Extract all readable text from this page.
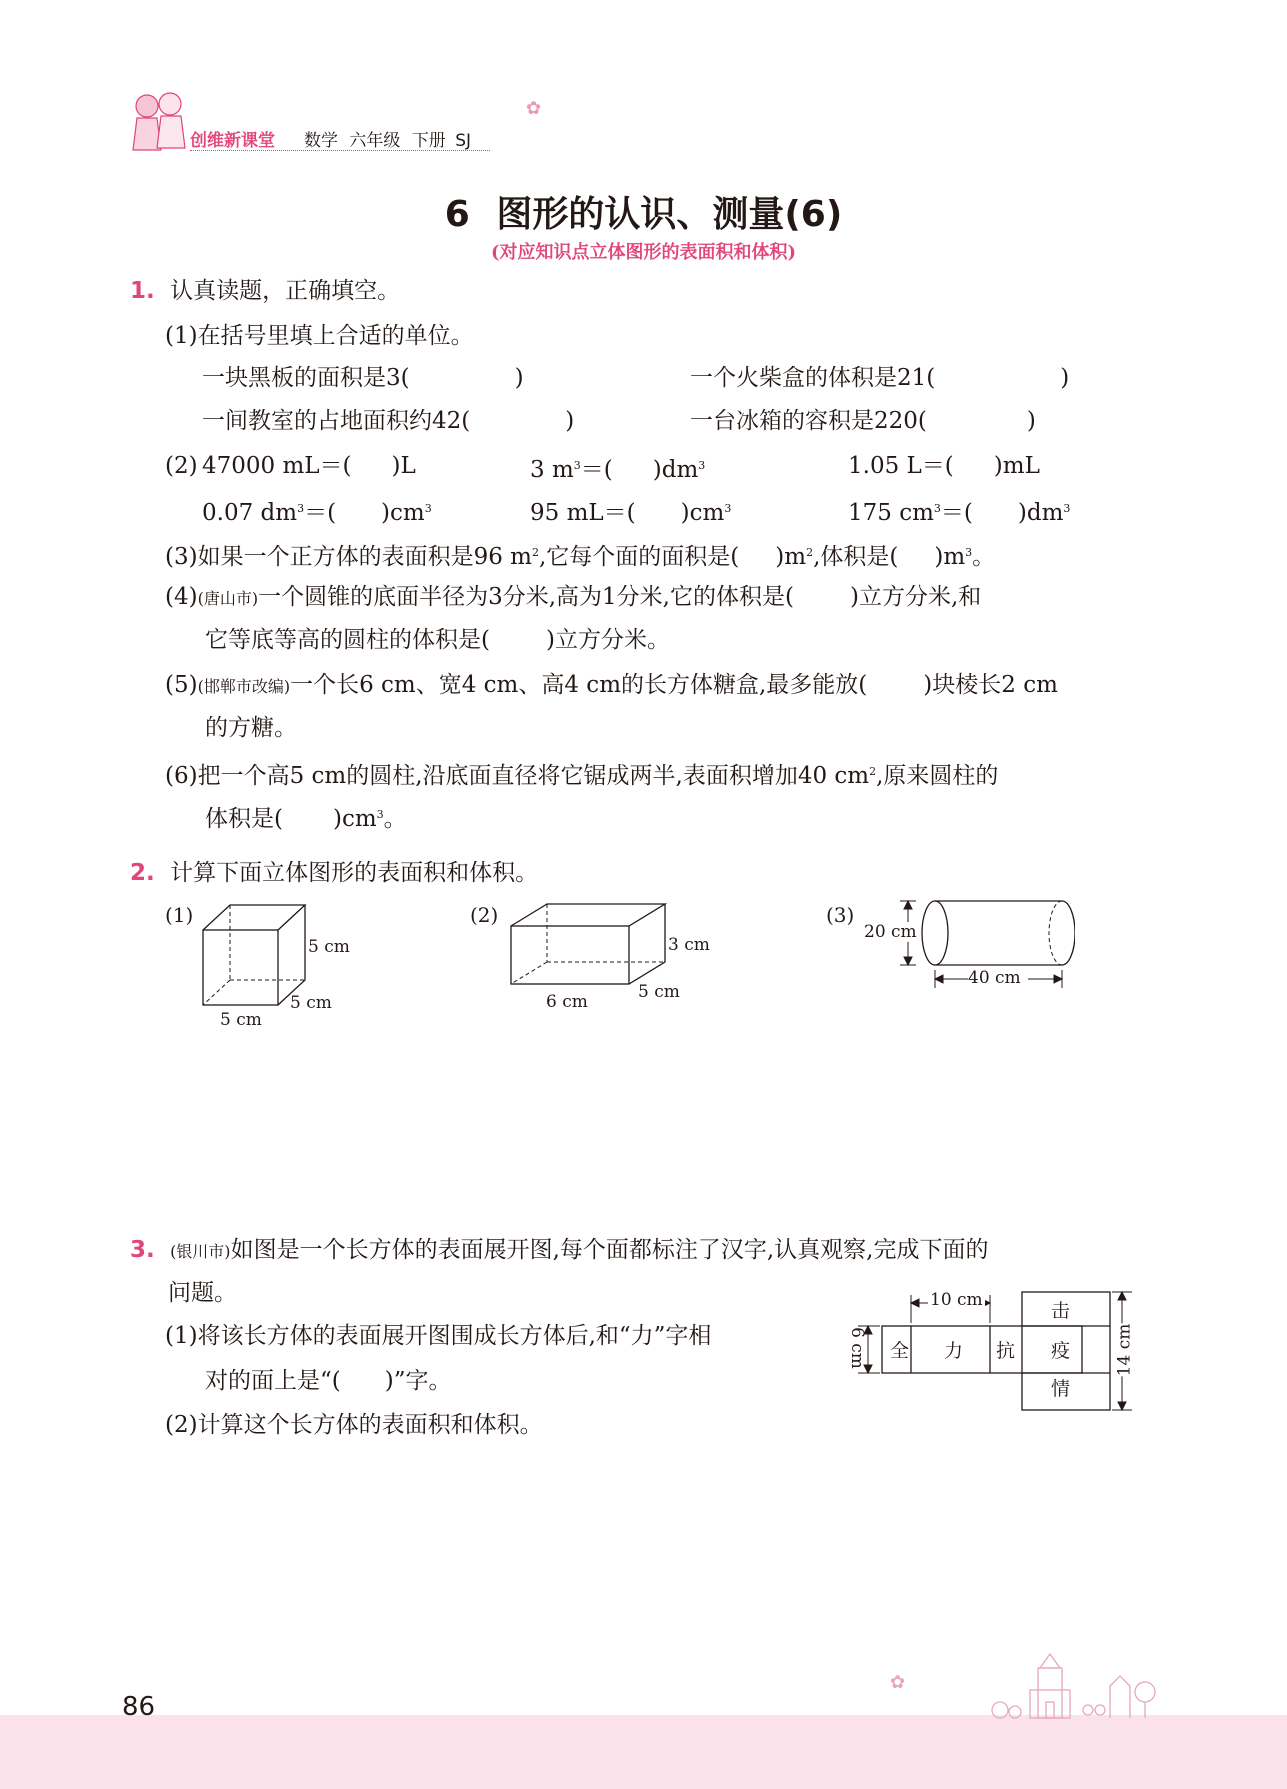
创维新课堂 数学 六年级 下册 SJ
✿
6 图形的认识、测量(6)
(对应知识点立体图形的表面积和体积)
1. 认真读题，正确填空。
(1)在括号里填上合适的单位。
一块黑板的面积是3(	)	一个火柴盒的体积是21(	)
一间教室的占地面积约42(	)	一台冰箱的容积是220(	)
(2) 47000 mL＝( )L	3 $m^3=$( )$dm^3$	1.05 L＝( )mL
0.07 $dm^3=$( )$cm^3$	95 mL＝( )$cm^3$	175 $cm^3=$( )$dm^3$
(3)如果一个正方体的表面积是96 $m^2$,它每个面的面积是( )$m^2$,体积是( )$m^3$。
(4)(唐山市)一个圆锥的底面半径为3分米,高为1分米,它的体积是( )立方分米,和
它等底等高的圆柱的体积是( )立方分米。
(5)(邯郸市改编)一个长6 cm、宽4 cm、高4 cm的长方体糖盒,最多能放( )块棱长2 cm
的方糖。
(6)把一个高5 cm的圆柱,沿底面直径将它锯成两半,表面积增加40 $cm^2$,原来圆柱的
体积是( )$cm^3$。
2. 计算下面立体图形的表面积和体积。
(1)
5 cm
5 cm
5 cm
(2)
3 cm
6 cm	5 cm
(3)
20 cm
40 cm
3. (银川市)如图是一个长方体的表面展开图,每个面都标注了汉字,认真观察,完成下面的
问题。
(1)将该长方体的表面展开图围成长方体后,和“力”字相
对的面上是“( )”字。
(2)计算这个长方体的表面积和体积。
10 cm
6 cm	14 cm
全 力 抗 疫
击
情
86
✿
